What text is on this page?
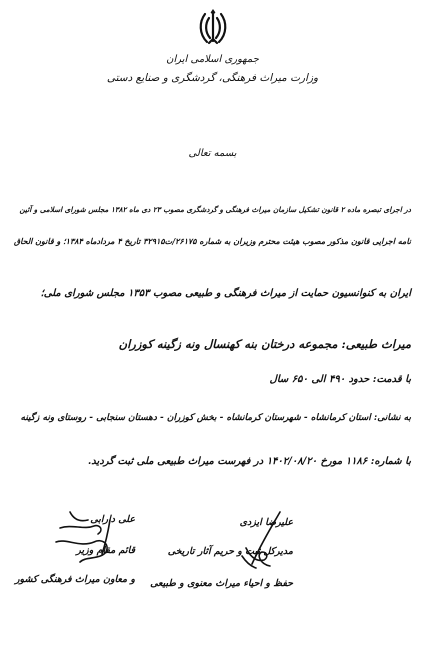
جمهوری اسلامی ایران
وزارت میراث فرهنگی، گردشگری و صنایع دستی
بسمه تعالی
در اجرای تبصره ماده ۲ قانون تشکیل سازمان میراث فرهنگی و گردشگری مصوب ۲۳ دی ماه ۱۳۸۲ مجلس شورای اسلامی و آئین
نامه اجرایی قانون مذکور مصوب هیئت محترم وزیران به شماره ۲۶۱۷۵/ت۳۲۹۱۵ تاریخ ۴ مردادماه ۱۳۸۴؛ و قانون الحاق
ایران به کنوانسیون حمایت از میراث فرهنگی و طبیعی مصوب ۱۳۵۳ مجلس شورای ملی؛
میراث طبیعی: مجموعه درختان بنه کهنسال ونه زگینه کوزران
با قدمت: حدود ۴۹۰ الی ۶۵۰ سال
به نشانی: استان کرمانشاه - شهرستان کرمانشاه - بخش کوزران - دهستان سنجابی - روستای ونه زگینه
با شماره: ۱۱۸۶ مورخ ۱۴۰۲/۰۸/۲۰ در فهرست میراث طبیعی ملی ثبت گردید.
علیرضا ایزدی
مدیرکل ثبت و حریم آثار تاریخی
حفظ و احیاء میراث معنوی و طبیعی
علی دارابی
قائم مقام وزیر
و معاون میراث فرهنگی کشور
